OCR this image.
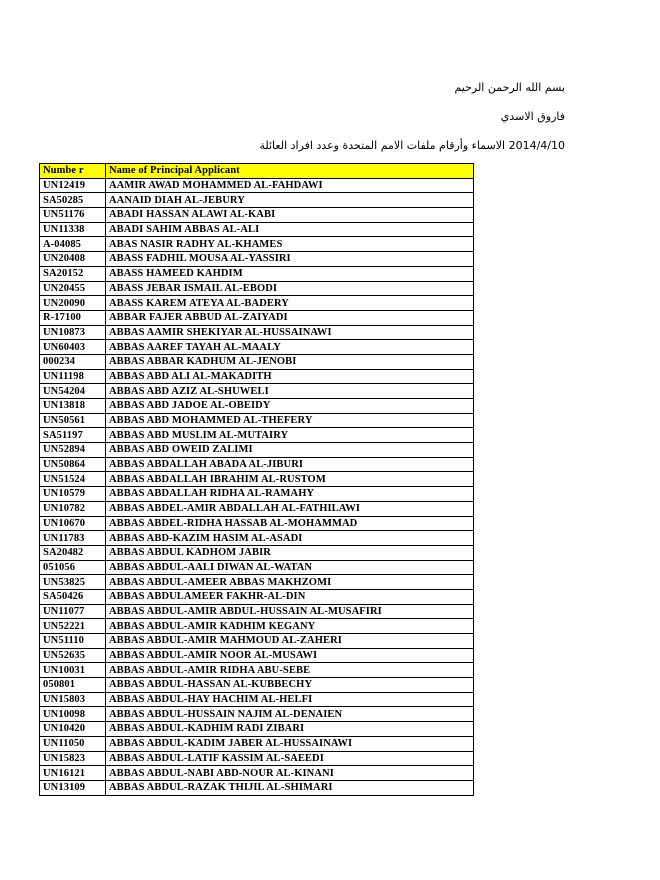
بسم الله الرحمن الرحيم
فاروق الاسدي
2014/4/10 الاسماء وأرقام ملفات الامم المتحدة وعدد افراد العائلة
Numbe r	Name of Principal Applicant
UN12419	AAMIR AWAD MOHAMMED AL-FAHDAWI
SA50285	AANAID DIAH AL-JEBURY
UN51176	ABADI HASSAN ALAWI AL-KABI
UN11338	ABADI SAHIM ABBAS AL-ALI
A-04085	ABAS NASIR RADHY AL-KHAMES
UN20408	ABASS FADHIL MOUSA AL-YASSIRI
SA20152	ABASS HAMEED KAHDIM
UN20455	ABASS JEBAR ISMAIL AL-EBODI
UN20090	ABASS KAREM ATEYA AL-BADERY
R-17100	ABBAR FAJER ABBUD AL-ZAIYADI
UN10873	ABBAS AAMIR SHEKIYAR AL-HUSSAINAWI
UN60403	ABBAS AAREF TAYAH AL-MAALY
000234	ABBAS ABBAR KADHUM AL-JENOBI
UN11198	ABBAS ABD ALI AL-MAKADITH
UN54204	ABBAS ABD AZIZ AL-SHUWELI
UN13818	ABBAS ABD JADOE AL-OBEIDY
UN50561	ABBAS ABD MOHAMMED AL-THEFERY
SA51197	ABBAS ABD MUSLIM AL-MUTAIRY
UN52894	ABBAS ABD OWEID ZALIMI
UN50864	ABBAS ABDALLAH ABADA AL-JIBURI
UN51524	ABBAS ABDALLAH IBRAHIM AL-RUSTOM
UN10579	ABBAS ABDALLAH RIDHA AL-RAMAHY
UN10782	ABBAS ABDEL-AMIR ABDALLAH AL-FATHILAWI
UN10670	ABBAS ABDEL-RIDHA HASSAB AL-MOHAMMAD
UN11783	ABBAS ABD-KAZIM HASIM AL-ASADI
SA20482	ABBAS ABDUL KADHOM JABIR
051056	ABBAS ABDUL-AALI DIWAN AL-WATAN
UN53825	ABBAS ABDUL-AMEER ABBAS MAKHZOMI
SA50426	ABBAS ABDULAMEER FAKHR-AL-DIN
UN11077	ABBAS ABDUL-AMIR ABDUL-HUSSAIN AL-MUSAFIRI
UN52221	ABBAS ABDUL-AMIR KADHIM KEGANY
UN51110	ABBAS ABDUL-AMIR MAHMOUD AL-ZAHERI
UN52635	ABBAS ABDUL-AMIR NOOR AL-MUSAWI
UN10031	ABBAS ABDUL-AMIR RIDHA ABU-SEBE
050801	ABBAS ABDUL-HASSAN AL-KUBBECHY
UN15803	ABBAS ABDUL-HAY HACHIM AL-HELFI
UN10098	ABBAS ABDUL-HUSSAIN NAJIM AL-DENAIEN
UN10420	ABBAS ABDUL-KADHIM RADI ZIBARI
UN11050	ABBAS ABDUL-KADIM JABER AL-HUSSAINAWI
UN15823	ABBAS ABDUL-LATIF KASSIM AL-SAEEDI
UN16121	ABBAS ABDUL-NABI ABD-NOUR AL-KINANI
UN13109	ABBAS ABDUL-RAZAK THIJIL AL-SHIMARI
